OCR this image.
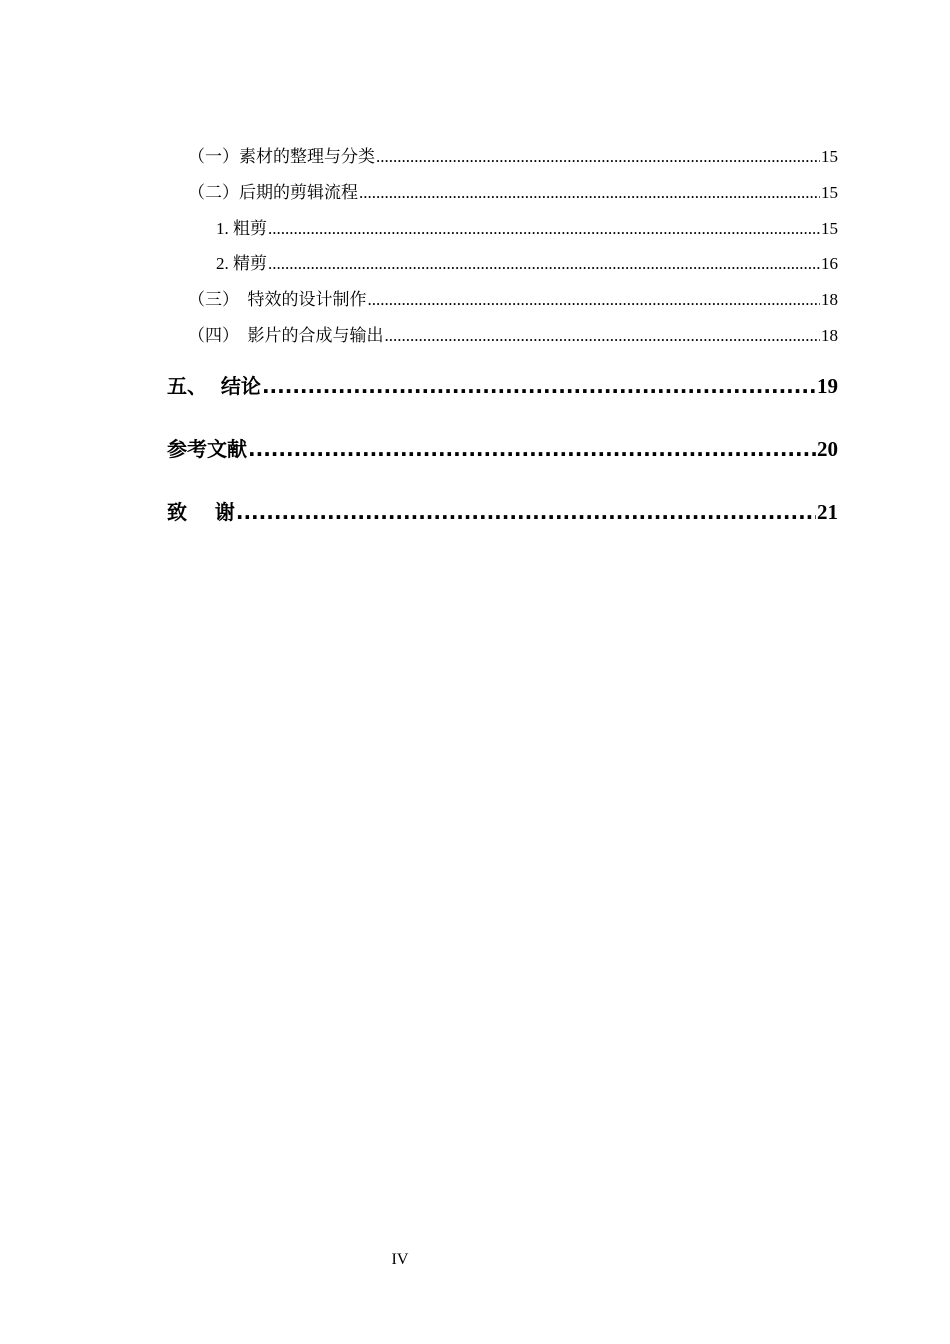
（一）素材的整理与分类 .....	15
（二）后期的剪辑流程 .....	15
1. 粗剪 .....	15
2. 精剪 .....	16
（三）  特效的设计制作 .....	18
（四）  影片的合成与输出 .....	18
五、  结论 .....	19
参考文献 .....	20
致    谢 .....	21
IV
